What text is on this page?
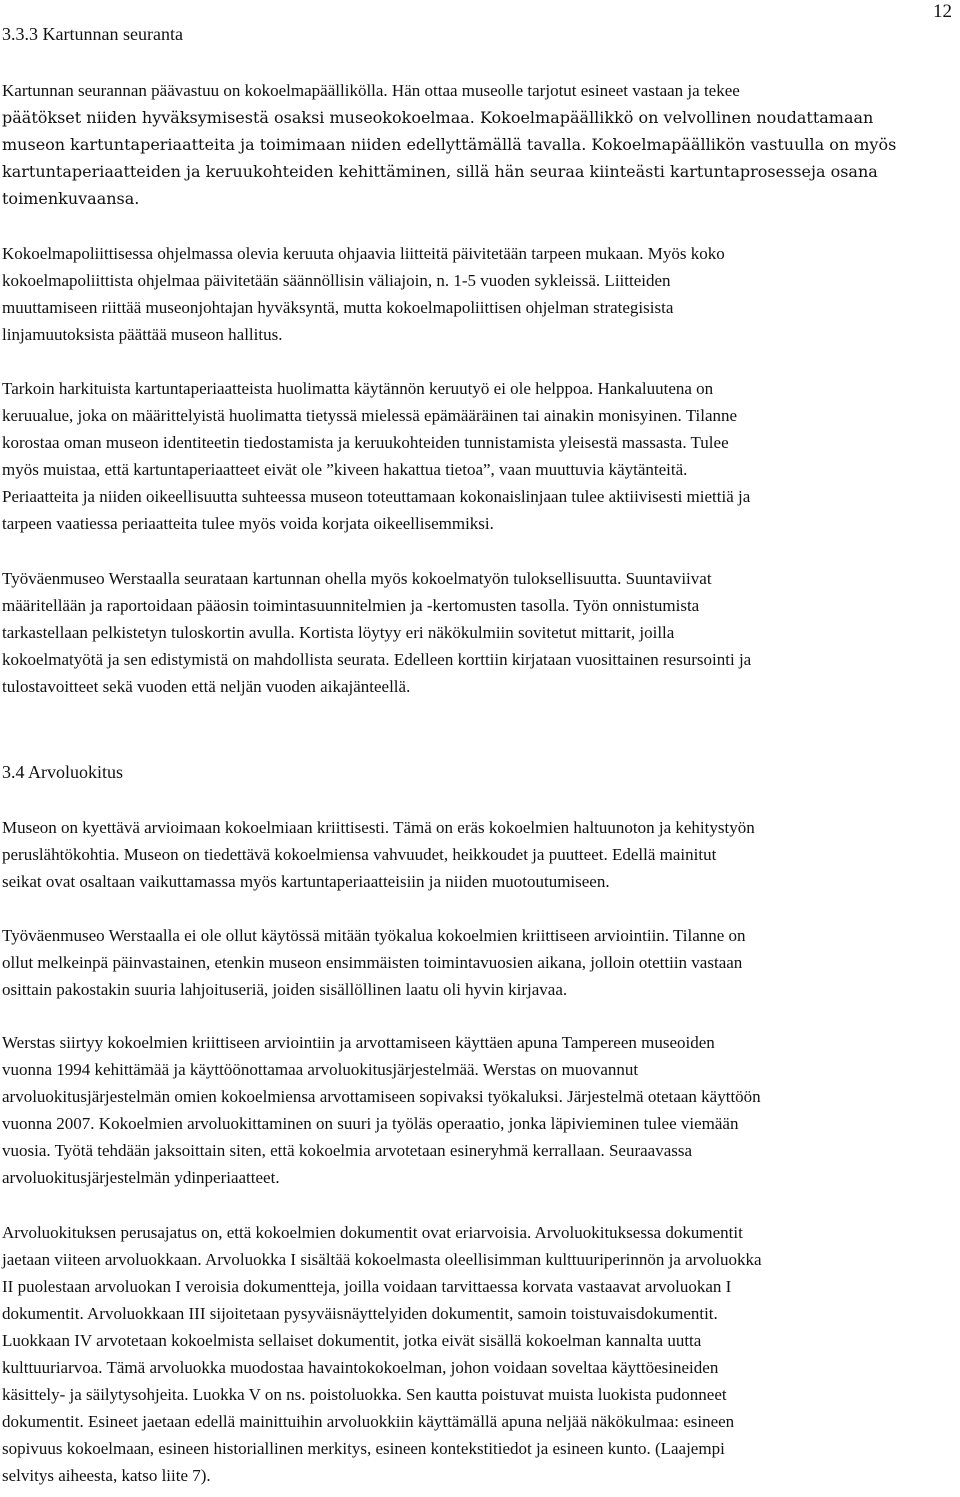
12
3.3.3 Kartunnan seuranta

Kartunnan seurannan päävastuu on kokoelmapäällikölla. Hän ottaa museolle tarjotut esineet vastaan ja tekee
päätökset niiden hyväksymisestä osaksi museokokoelmaa. Kokoelmapäällikkö on velvollinen noudattamaan
museon kartuntaperiaatteita ja toimimaan niiden edellyttämällä tavalla. Kokoelmapäällikön vastuulla on myös
kartuntaperiaatteiden ja keruukohteiden kehittäminen, sillä hän seuraa kiinteästi kartuntaprosesseja osana
toimenkuvaansa.

Kokoelmapoliittisessa ohjelmassa olevia keruuta ohjaavia liitteitä päivitetään tarpeen mukaan. Myös koko
kokoelmapoliittista ohjelmaa päivitetään säännöllisin väliajoin, n. 1-5 vuoden sykleissä. Liitteiden
muuttamiseen riittää museonjohtajan hyväksyntä, mutta kokoelmapoliittisen ohjelman strategisista
linjamuutoksista päättää museon hallitus.

Tarkoin harkituista kartuntaperiaatteista huolimatta käytännön keruutyö ei ole helppoa. Hankaluutena on
keruualue, joka on määrittelyistä huolimatta tietyssä mielessä epämääräinen tai ainakin monisyinen. Tilanne
korostaa oman museon identiteetin tiedostamista ja keruukohteiden tunnistamista yleisestä massasta. Tulee
myös muistaa, että kartuntaperiaatteet eivät ole ”kiveen hakattua tietoa”, vaan muuttuvia käytänteitä.
Periaatteita ja niiden oikeellisuutta suhteessa museon toteuttamaan kokonaislinjaan tulee aktiivisesti miettiä ja
tarpeen vaatiessa periaatteita tulee myös voida korjata oikeellisemmiksi.

Työväenmuseo Werstaalla seurataan kartunnan ohella myös kokoelmatyön tuloksellisuutta. Suuntaviivat
määritellään ja raportoidaan pääosin toimintasuunnitelmien ja -kertomusten tasolla. Työn onnistumista
tarkastellaan pelkistetyn tuloskortin avulla. Kortista löytyy eri näkökulmiin sovitetut mittarit, joilla
kokoelmatyötä ja sen edistymistä on mahdollista seurata. Edelleen korttiin kirjataan vuosittainen resursointi ja
tulostavoitteet sekä vuoden että neljän vuoden aikajänteellä.

3.4 Arvoluokitus

Museon on kyettävä arvioimaan kokoelmiaan kriittisesti. Tämä on eräs kokoelmien haltuunoton ja kehitystyön
peruslähtökohtia. Museon on tiedettävä kokoelmiensa vahvuudet, heikkoudet ja puutteet. Edellä mainitut
seikat ovat osaltaan vaikuttamassa myös kartuntaperiaatteisiin ja niiden muotoutumiseen.

Työväenmuseo Werstaalla ei ole ollut käytössä mitään työkalua kokoelmien kriittiseen arviointiin. Tilanne on
ollut melkeinpä päinvastainen, etenkin museon ensimmäisten toimintavuosien aikana, jolloin otettiin vastaan
osittain pakostakin suuria lahjoituseriä, joiden sisällöllinen laatu oli hyvin kirjavaa.

Werstas siirtyy kokoelmien kriittiseen arviointiin ja arvottamiseen käyttäen apuna Tampereen museoiden
vuonna 1994 kehittämää ja käyttöönottamaa arvoluokitusjärjestelmää. Werstas on muovannut
arvoluokitusjärjestelmän omien kokoelmiensa arvottamiseen sopivaksi työkaluksi. Järjestelmä otetaan käyttöön
vuonna 2007. Kokoelmien arvoluokittaminen on suuri ja työläs operaatio, jonka läpivieminen tulee viemään
vuosia. Työtä tehdään jaksoittain siten, että kokoelmia arvotetaan esineryhmä kerrallaan. Seuraavassa
arvoluokitusjärjestelmän ydinperiaatteet.

Arvoluokituksen perusajatus on, että kokoelmien dokumentit ovat eriarvoisia. Arvoluokituksessa dokumentit
jaetaan viiteen arvoluokkaan. Arvoluokka I sisältää kokoelmasta oleellisimman kulttuuriperinnön ja arvoluokka
II puolestaan arvoluokan I veroisia dokumentteja, joilla voidaan tarvittaessa korvata vastaavat arvoluokan I
dokumentit. Arvoluokkaan III sijoitetaan pysyväisnäyttelyiden dokumentit, samoin toistuvaisdokumentit.
Luokkaan IV arvotetaan kokoelmista sellaiset dokumentit, jotka eivät sisällä kokoelman kannalta uutta
kulttuuriarvoa. Tämä arvoluokka muodostaa havaintokokoelman, johon voidaan soveltaa käyttöesineiden
käsittely- ja säilytysohjeita. Luokka V on ns. poistoluokka. Sen kautta poistuvat muista luokista pudonneet
dokumentit. Esineet jaetaan edellä mainittuihin arvoluokkiin käyttämällä apuna neljää näkökulmaa: esineen
sopivuus kokoelmaan, esineen historiallinen merkitys, esineen kontekstitiedot ja esineen kunto. (Laajempi
selvitys aiheesta, katso liite 7).
